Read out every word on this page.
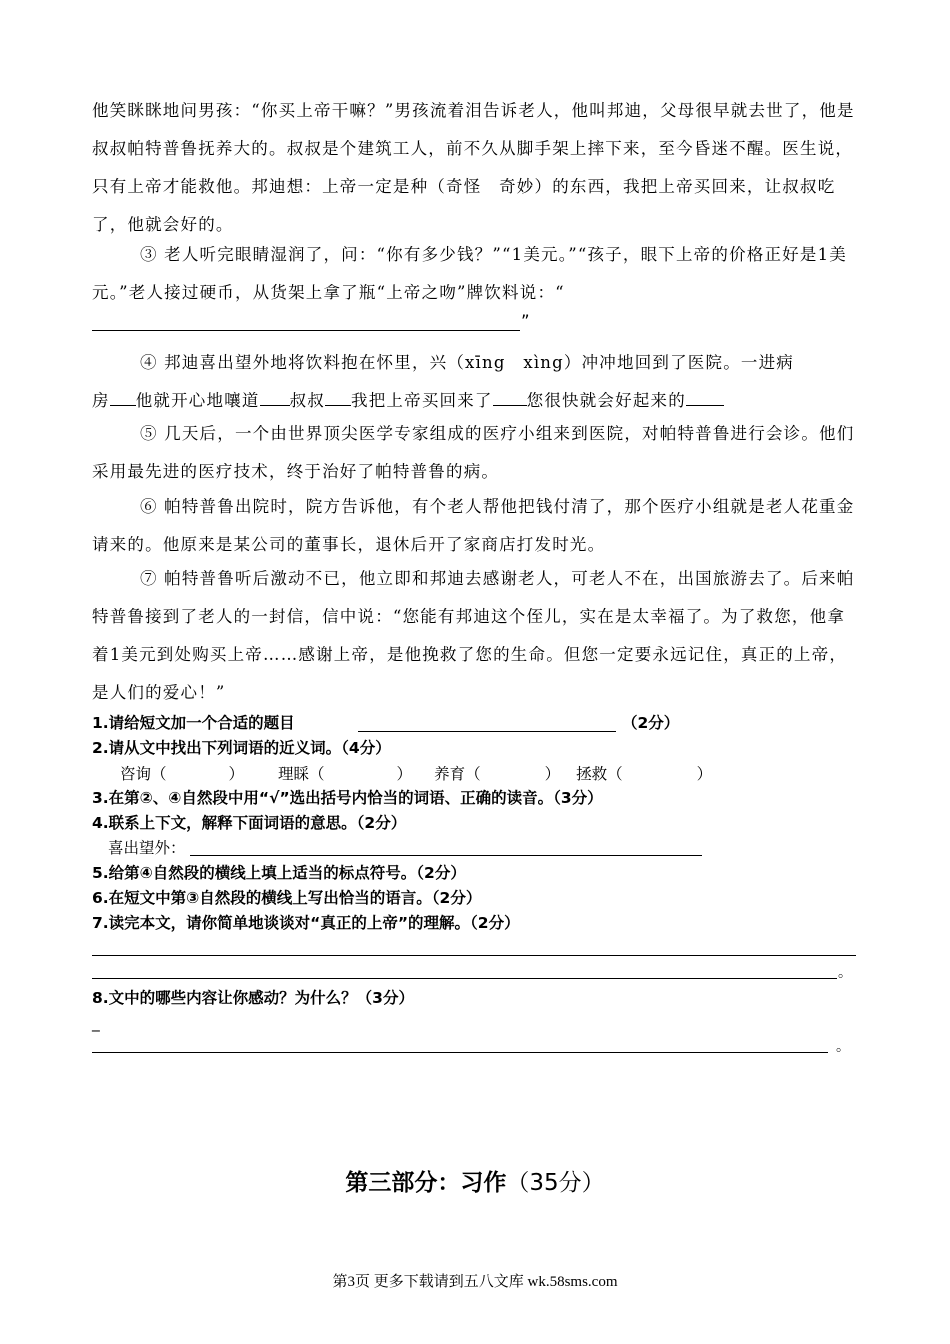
他笑眯眯地问男孩：“你买上帝干嘛？”男孩流着泪告诉老人，他叫邦迪，父母很早就去世了，他是叔叔帕特普鲁抚养大的。叔叔是个建筑工人，前不久从脚手架上摔下来，至今昏迷不醒。医生说，只有上帝才能救他。邦迪想：上帝一定是种（奇怪　奇妙）的东西，我把上帝买回来，让叔叔吃了，他就会好的。

③ 老人听完眼睛湿润了，问：“你有多少钱？”“1美元。”“孩子，眼下上帝的价格正好是1美元。”老人接过硬币，从货架上拿了瓶“上帝之吻”牌饮料说：“

”

④ 邦迪喜出望外地将饮料抱在怀里，兴（xīng　xìng）冲冲地回到了医院。一进病
房 他就开心地嚷道 叔叔 我把上帝买回来了 您很快就会好起来的

⑤ 几天后，一个由世界顶尖医学专家组成的医疗小组来到医院，对帕特普鲁进行会诊。他们采用最先进的医疗技术，终于治好了帕特普鲁的病。

⑥ 帕特普鲁出院时，院方告诉他，有个老人帮他把钱付清了，那个医疗小组就是老人花重金请来的。他原来是某公司的董事长，退休后开了家商店打发时光。

⑦ 帕特普鲁听后激动不已，他立即和邦迪去感谢老人，可老人不在，出国旅游去了。后来帕特普鲁接到了老人的一封信，信中说：“您能有邦迪这个侄儿，实在是太幸福了。为了救您，他拿着1美元到处购买上帝……感谢上帝，是他挽救了您的生命。但您一定要永远记住，真正的上帝，是人们的爱心！”

1.请给短文加一个合适的题目	（2分）
2.请从文中找出下列词语的近义词。（4分）
咨询（	） 理睬（	） 养育（	） 拯救（	）
3.在第②、④自然段中用“√”选出括号内恰当的词语、正确的读音。（3分）
4.联系上下文，解释下面词语的意思。（2分）
喜出望外：
5.给第④自然段的横线上填上适当的标点符号。（2分）
6.在短文中第③自然段的横线上写出恰当的语言。（2分）
7.读完本文，请你简单地谈谈对“真正的上帝”的理解。（2分）
。
8.文中的哪些内容让你感动？为什么？（3分）
_
。
第三部分：习作（35分）
第3页 更多下载请到五八文库 wk.58sms.com
